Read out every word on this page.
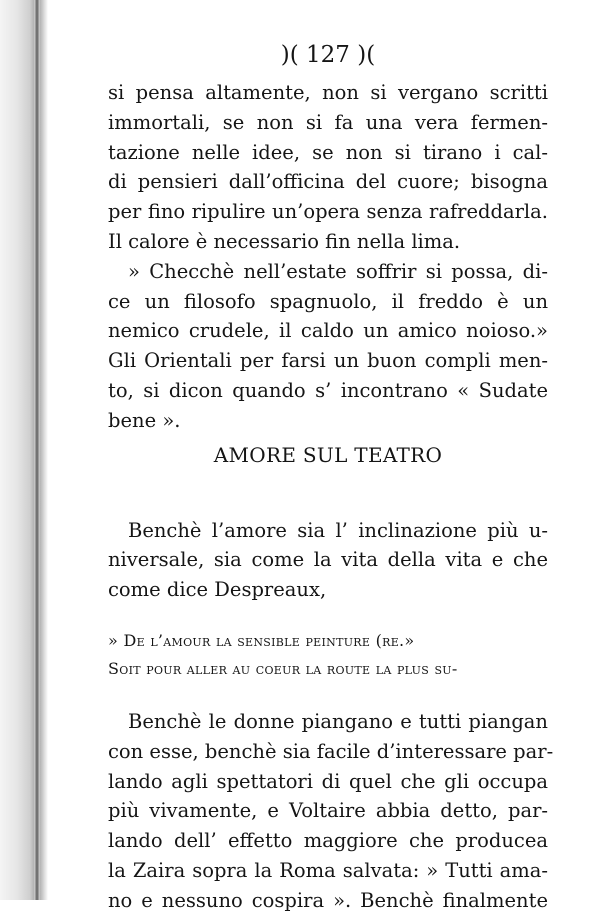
)( 127 )(
si pensa altamente, non si vergano scritti
immortali, se non si fa una vera fermen-
tazione nelle idee, se non si tirano i cal-
di pensieri dall’officina del cuore; bisogna
per fino ripulire un’opera senza rafreddarla.
Il calore è necessario fin nella lima.
» Checchè nell’estate soffrir si possa, di-
ce un filosofo spagnuolo, il freddo è un
nemico crudele, il caldo un amico noioso.»
Gli Orientali per farsi un buon compli men-
to, si dicon quando s’ incontrano « Sudate
bene ».
AMORE SUL TEATRO
Benchè l’amore sia l’ inclinazione più u-
niversale, sia come la vita della vita e che
come dice Despreaux,
» De l’amour la sensible peinture (re.»
Soit pour aller au coeur la route la plus su-
Benchè le donne piangano e tutti piangan
con esse, benchè sia facile d’interessare par-
lando agli spettatori di quel che gli occupa
più vivamente, e Voltaire abbia detto, par-
lando dell’ effetto maggiore che producea
la Zaira sopra la Roma salvata: » Tutti ama-
no e nessuno cospira ». Benchè finalmente
